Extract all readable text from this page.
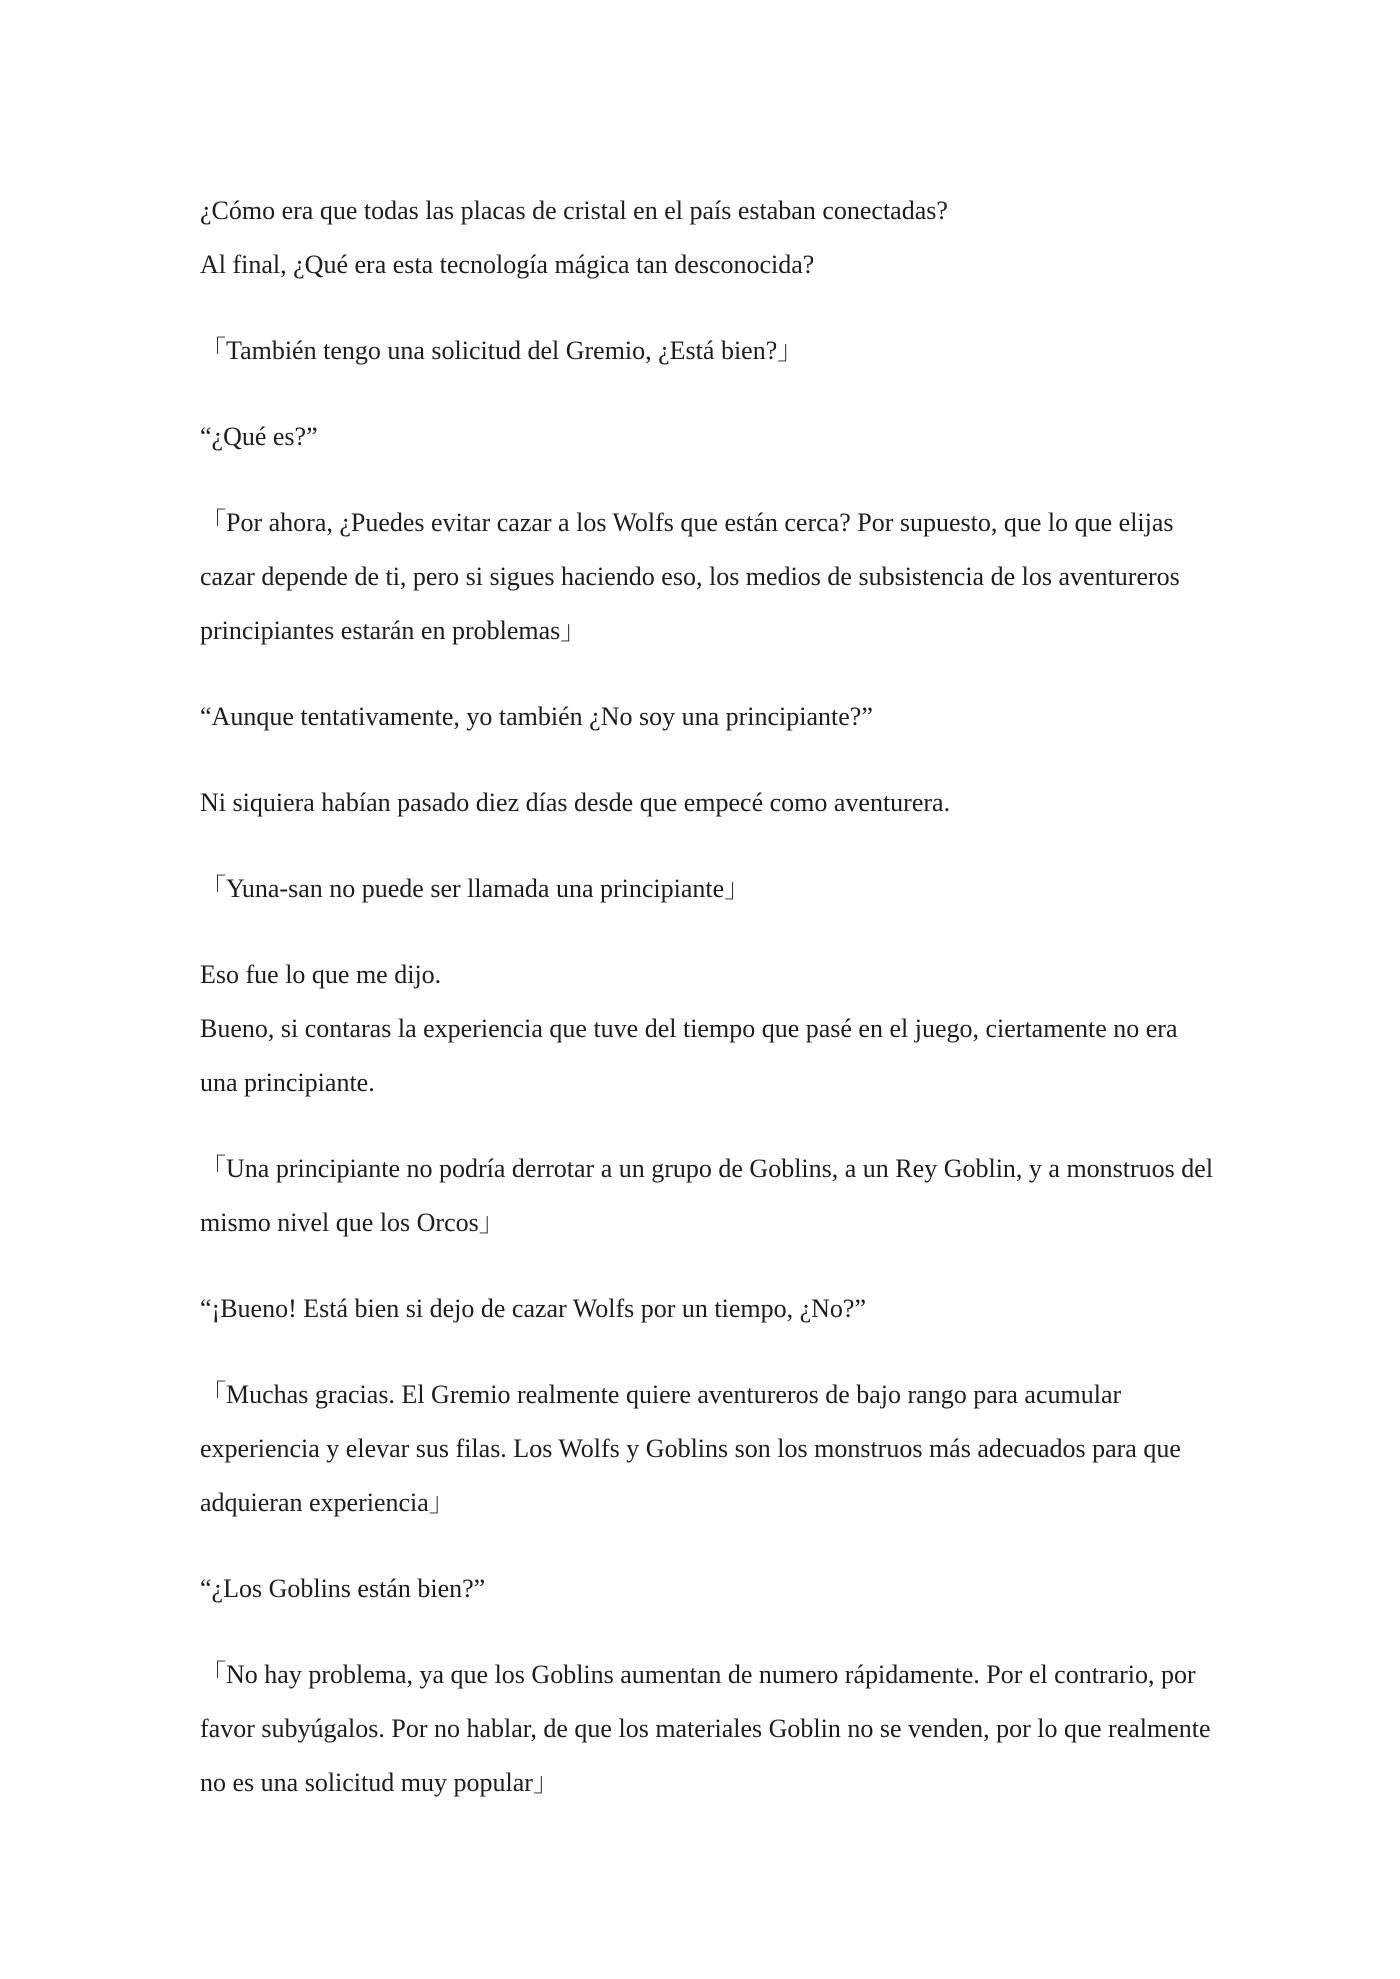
¿Cómo era que todas las placas de cristal en el país estaban conectadas?
Al final, ¿Qué era esta tecnología mágica tan desconocida?

「También tengo una solicitud del Gremio, ¿Está bien?」

“¿Qué es?”

「Por ahora, ¿Puedes evitar cazar a los Wolfs que están cerca? Por supuesto, que lo que elijas cazar depende de ti, pero si sigues haciendo eso, los medios de subsistencia de los aventureros principiantes estarán en problemas」

“Aunque tentativamente, yo también ¿No soy una principiante?”

Ni siquiera habían pasado diez días desde que empecé como aventurera.

「Yuna-san no puede ser llamada una principiante」

Eso fue lo que me dijo.
Bueno, si contaras la experiencia que tuve del tiempo que pasé en el juego, ciertamente no era una principiante.

「Una principiante no podría derrotar a un grupo de Goblins, a un Rey Goblin, y a monstruos del mismo nivel que los Orcos」

“¡Bueno! Está bien si dejo de cazar Wolfs por un tiempo, ¿No?”

「Muchas gracias. El Gremio realmente quiere aventureros de bajo rango para acumular experiencia y elevar sus filas. Los Wolfs y Goblins son los monstruos más adecuados para que adquieran experiencia」

“¿Los Goblins están bien?”

「No hay problema, ya que los Goblins aumentan de numero rápidamente. Por el contrario, por favor subyúgalos. Por no hablar, de que los materiales Goblin no se venden, por lo que realmente no es una solicitud muy popular」
